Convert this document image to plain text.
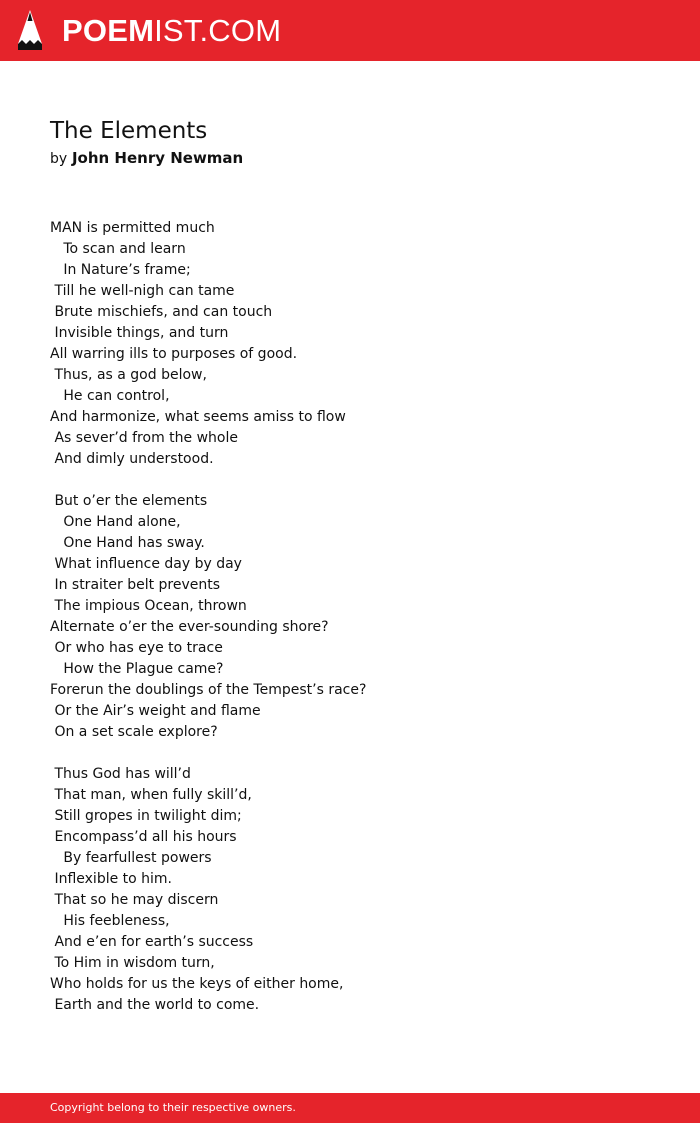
POEMIST.COM
The Elements
by John Henry Newman
MAN is permitted much
To scan and learn
In Nature’s frame;
Till he well-nigh can tame
Brute mischiefs, and can touch
Invisible things, and turn
All warring ills to purposes of good.
Thus, as a god below,
He can control,
And harmonize, what seems amiss to flow
As sever’d from the whole
And dimly understood.

But o’er the elements
One Hand alone,
One Hand has sway.
What influence day by day
In straiter belt prevents
The impious Ocean, thrown
Alternate o’er the ever-sounding shore?
Or who has eye to trace
How the Plague came?
Forerun the doublings of the Tempest’s race?
Or the Air’s weight and flame
On a set scale explore?

Thus God has will’d
That man, when fully skill’d,
Still gropes in twilight dim;
Encompass’d all his hours
By fearfullest powers
Inflexible to him.
That so he may discern
His feebleness,
And e’en for earth’s success
To Him in wisdom turn,
Who holds for us the keys of either home,
Earth and the world to come.
Copyright belong to their respective owners.
